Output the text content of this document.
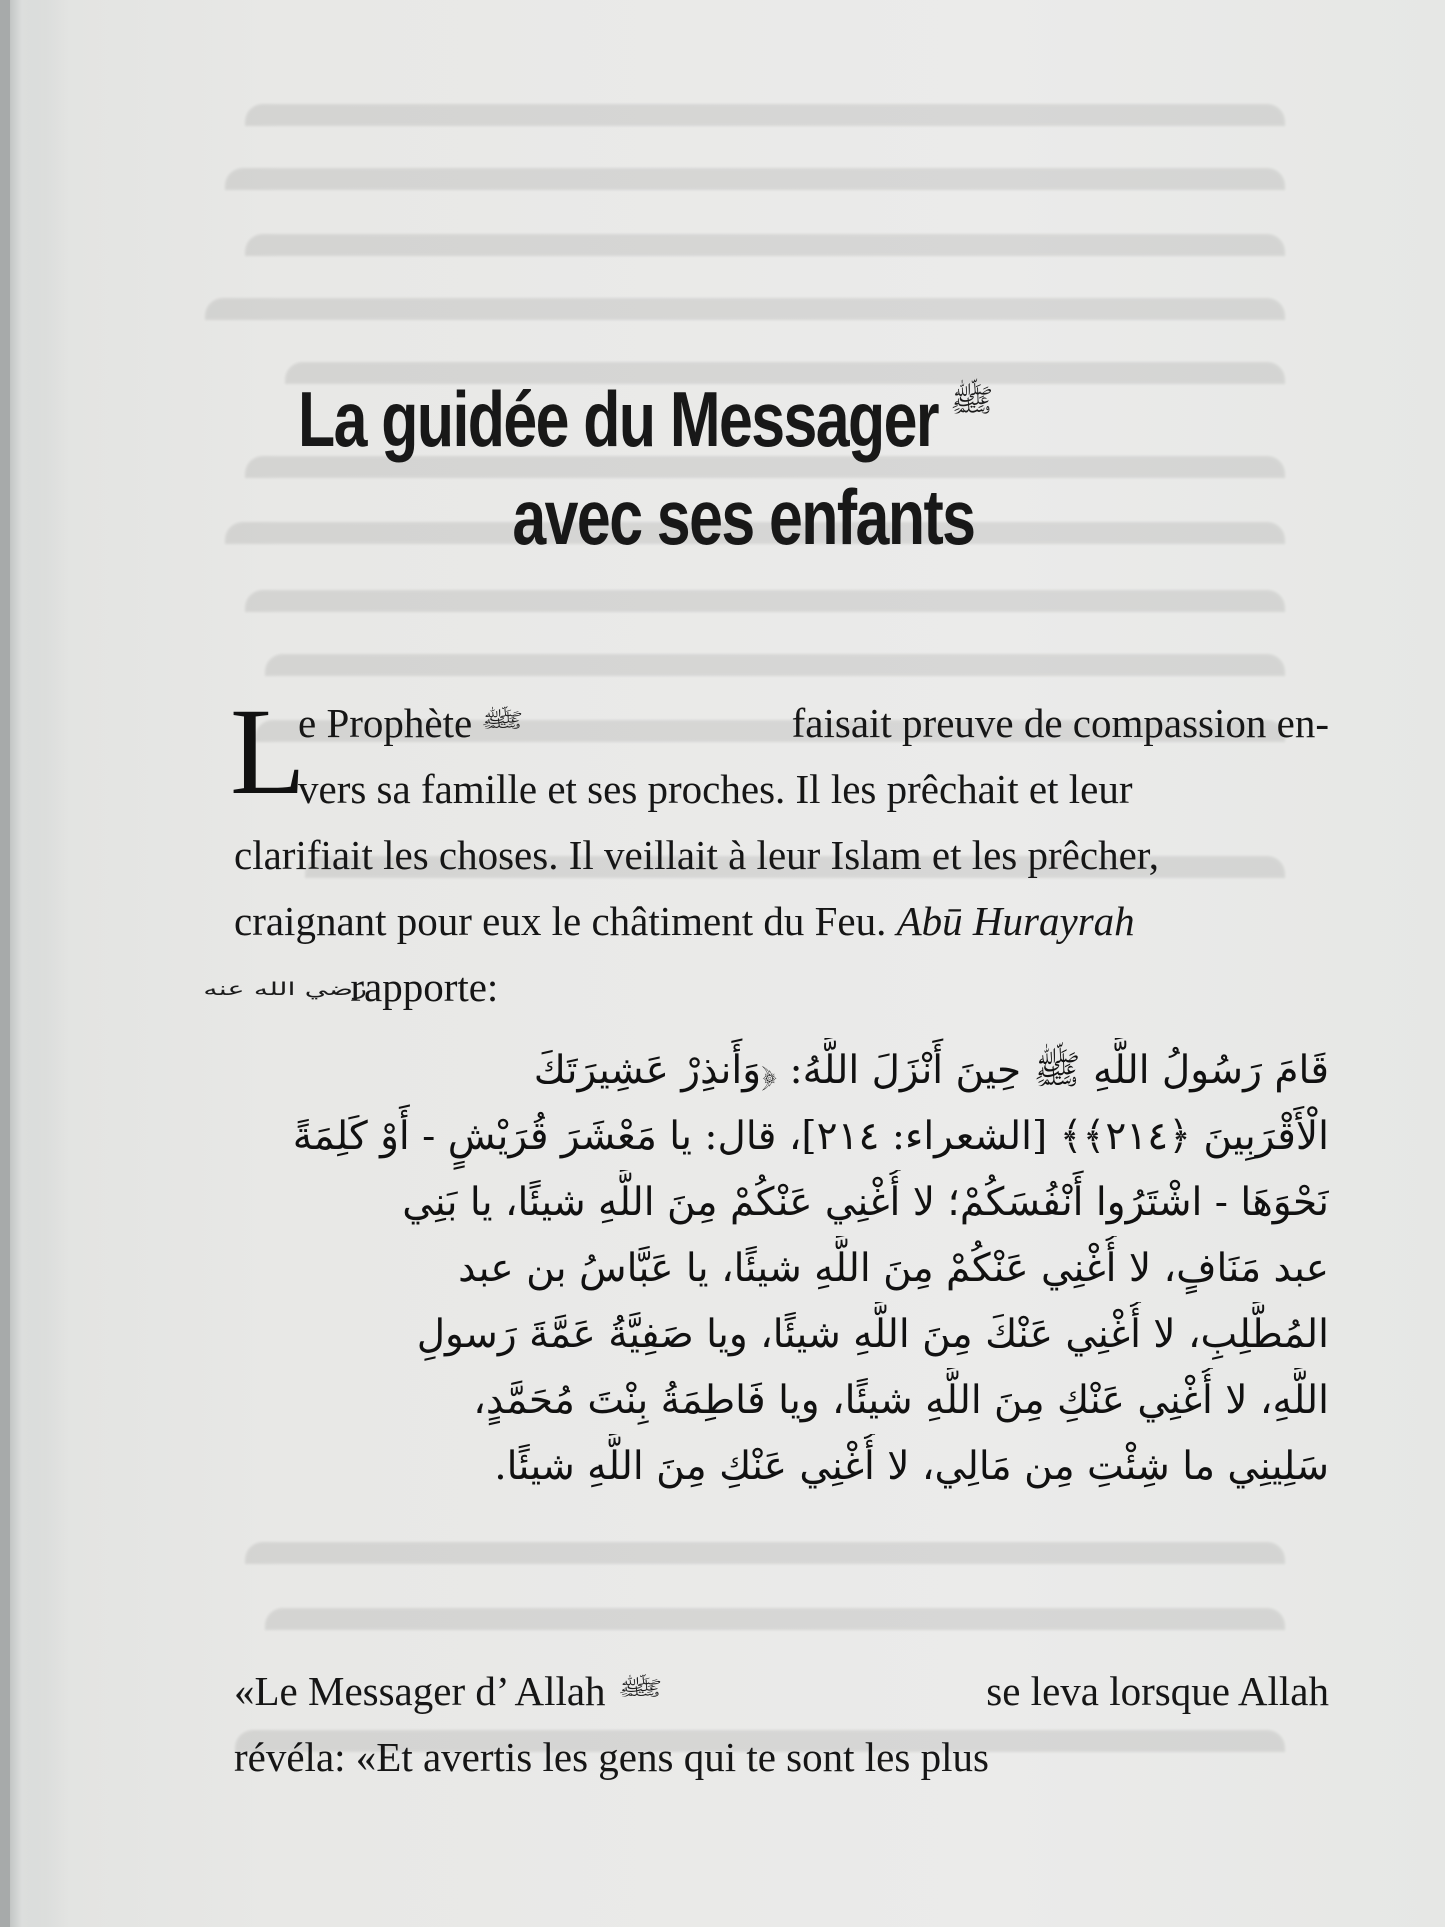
La guidée du Messager ﷺ
avec ses enfants
L
e Prophète ﷺ	faisait preuve de compassion en-
vers sa famille et ses proches. Il les prêchait et leur
clarifiait les choses. Il veillait à leur Islam et les prêcher,
craignant pour eux le châtiment du Feu. Abū Hurayrah
رضي الله عنهrapporte:
قَامَ رَسُولُ اللَّهِ ﷺ حِينَ أَنْزَلَ اللَّهُ: ﴿وَأَنذِرْ عَشِيرَتَكَ
الْأَقْرَبِينَ ﴿٢١٤﴾﴾ [الشعراء: ٢١٤]، قال: يا مَعْشَرَ قُرَيْشٍ - أَوْ كَلِمَةً
نَحْوَهَا - اشْتَرُوا أَنْفُسَكُمْ؛ لا أُغْنِي عَنْكُمْ مِنَ اللَّهِ شيئًا، يا بَنِي
عبد مَنَافٍ، لا أُغْنِي عَنْكُمْ مِنَ اللَّهِ شيئًا، يا عَبَّاسُ بن عبد
المُطَّلِبِ، لا أُغْنِي عَنْكَ مِنَ اللَّهِ شيئًا، ويا صَفِيَّةُ عَمَّةَ رَسولِ
اللَّهِ، لا أُغْنِي عَنْكِ مِنَ اللَّهِ شيئًا، ويا فَاطِمَةُ بِنْتَ مُحَمَّدٍ،
سَلِينِي ما شِئْتِ مِن مَالِي، لا أُغْنِي عَنْكِ مِنَ اللَّهِ شيئًا.
«Le Messager d’ Allah ﷺ	se leva lorsque Allah
révéla: «Et avertis les gens qui te sont les plus
